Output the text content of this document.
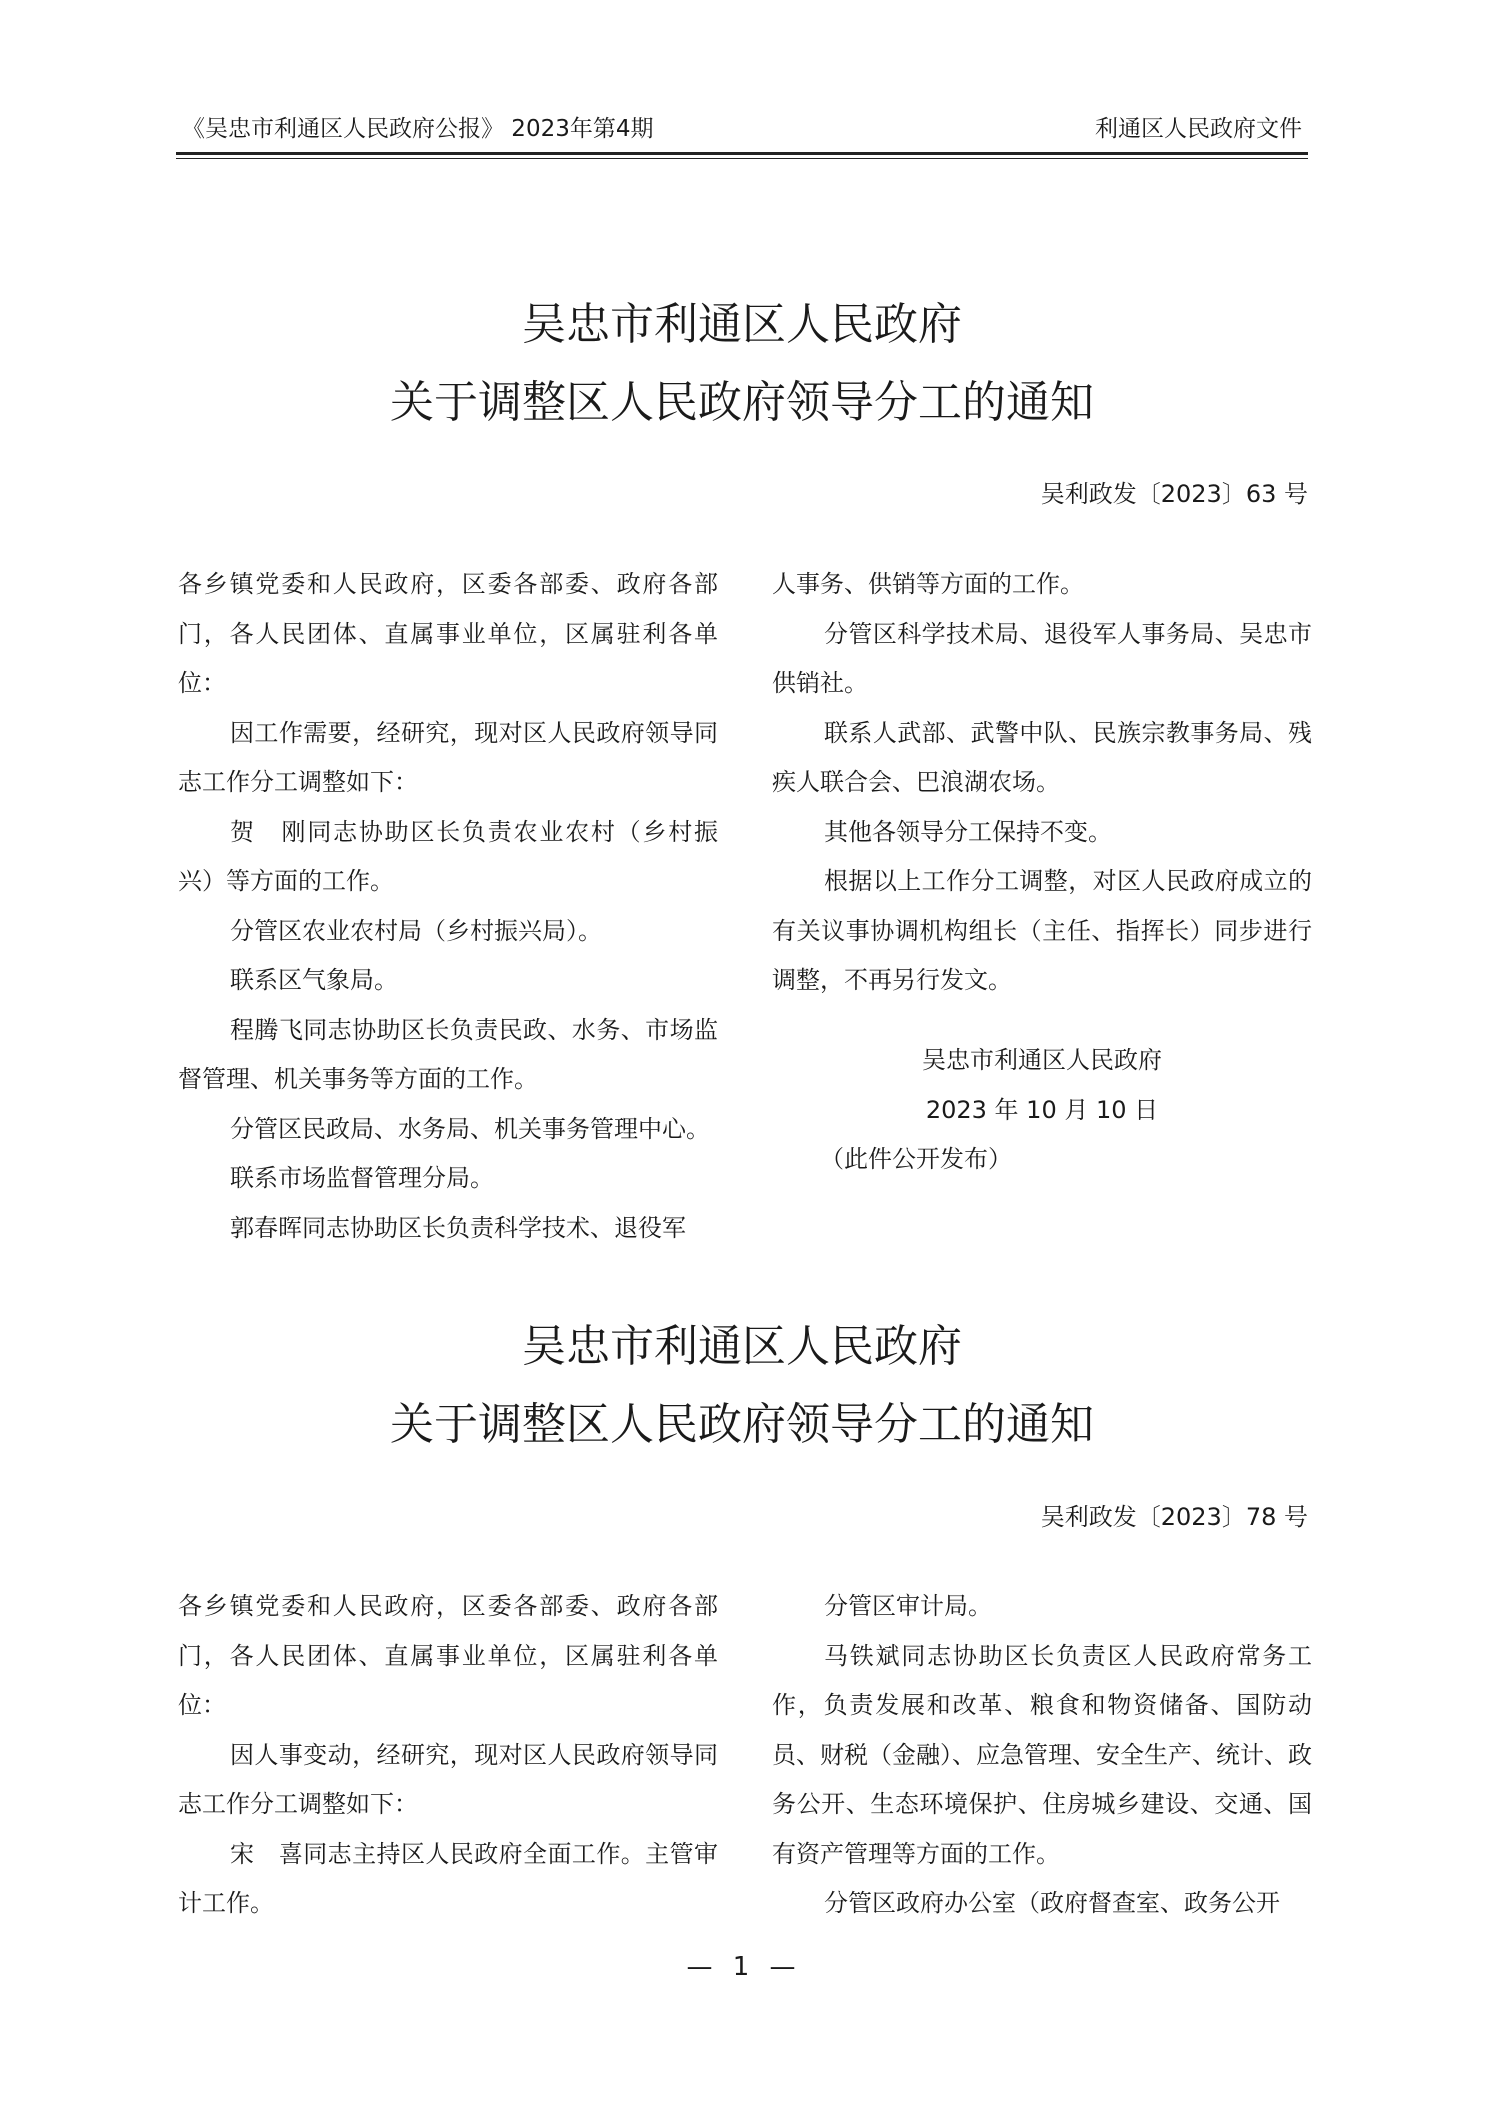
《吴忠市利通区人民政府公报》 2023年第4期	利通区人民政府文件
吴忠市利通区人民政府
关于调整区人民政府领导分工的通知
吴利政发〔2023〕63 号

各乡镇党委和人民政府，区委各部委、政府各部门，各人民团体、直属事业单位，区属驻利各单位：

因工作需要，经研究，现对区人民政府领导同志工作分工调整如下：

贺　刚同志协助区长负责农业农村（乡村振兴）等方面的工作。

分管区农业农村局（乡村振兴局）。

联系区气象局。

程腾飞同志协助区长负责民政、水务、市场监督管理、机关事务等方面的工作。

分管区民政局、水务局、机关事务管理中心。

联系市场监督管理分局。

郭春晖同志协助区长负责科学技术、退役军

人事务、供销等方面的工作。

分管区科学技术局、退役军人事务局、吴忠市供销社。

联系人武部、武警中队、民族宗教事务局、残疾人联合会、巴浪湖农场。

其他各领导分工保持不变。

根据以上工作分工调整，对区人民政府成立的有关议事协调机构组长（主任、指挥长）同步进行调整，不再另行发文。

吴忠市利通区人民政府
2023 年 10 月 10 日
（此件公开发布）
吴忠市利通区人民政府
关于调整区人民政府领导分工的通知
吴利政发〔2023〕78 号

各乡镇党委和人民政府，区委各部委、政府各部门，各人民团体、直属事业单位，区属驻利各单位：

因人事变动，经研究，现对区人民政府领导同志工作分工调整如下：

宋　喜同志主持区人民政府全面工作。主管审计工作。

分管区审计局。

马铁斌同志协助区长负责区人民政府常务工作，负责发展和改革、粮食和物资储备、国防动员、财税（金融）、应急管理、安全生产、统计、政务公开、生态环境保护、住房城乡建设、交通、国有资产管理等方面的工作。

分管区政府办公室（政府督查室、政务公开

— 1 —
